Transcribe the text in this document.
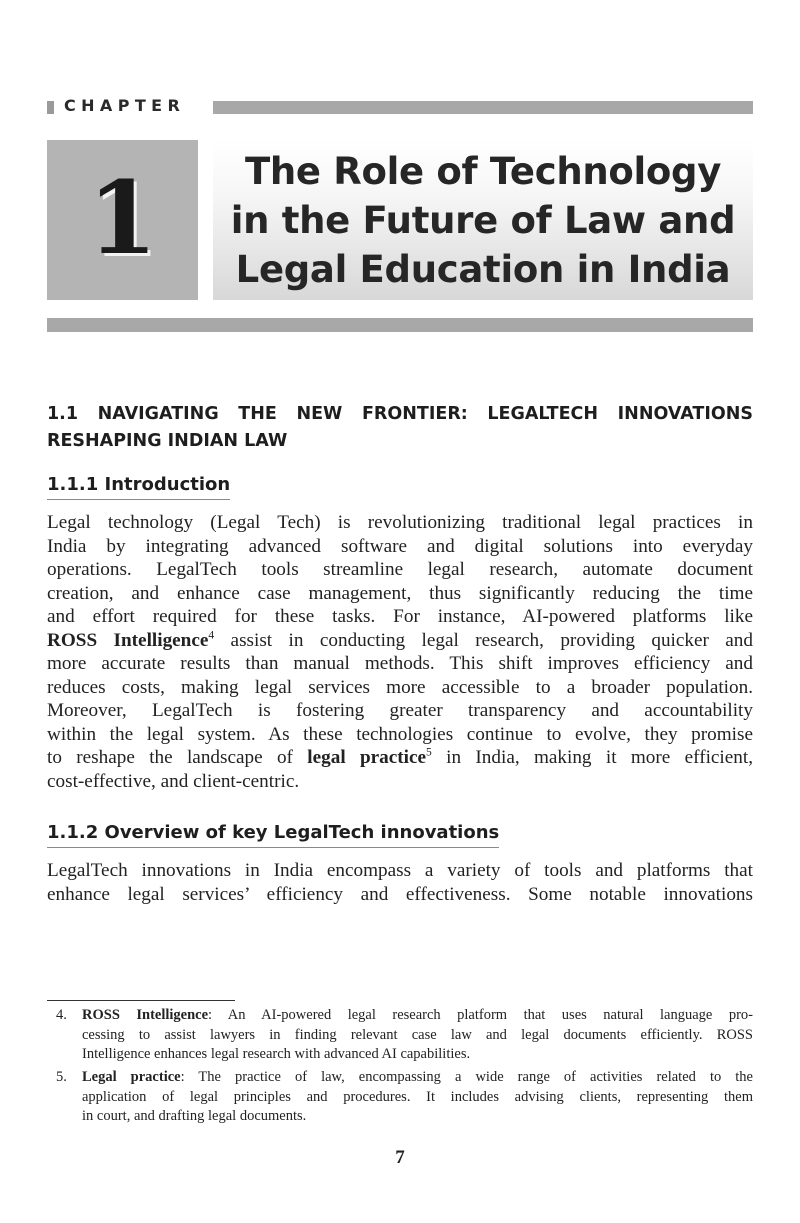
CHAPTER
1	The Role of Technology
in the Future of Law and
Legal Education in India
1.1 NAVIGATING THE NEW FRONTIER: LEGALTECH INNOVATIONS
RESHAPING INDIAN LAW
1.1.1 Introduction
Legal technology (Legal Tech) is revolutionizing traditional legal practices in
India by integrating advanced software and digital solutions into everyday
operations. LegalTech tools streamline legal research, automate document
creation, and enhance case management, thus significantly reducing the time
and effort required for these tasks. For instance, AI-powered platforms like
ROSS Intelligence$^4$ assist in conducting legal research, providing quicker and
more accurate results than manual methods. This shift improves efficiency and
reduces costs, making legal services more accessible to a broader population.
Moreover, LegalTech is fostering greater transparency and accountability
within the legal system. As these technologies continue to evolve, they promise
to reshape the landscape of legal practice$^5$ in India, making it more efficient,
cost-effective, and client-centric.
1.1.2 Overview of key LegalTech innovations
LegalTech innovations in India encompass a variety of tools and platforms that
enhance legal services’ efficiency and effectiveness. Some notable innovations
4.	ROSS Intelligence: An AI-powered legal research platform that uses natural language pro-
cessing to assist lawyers in finding relevant case law and legal documents efficiently. ROSS
Intelligence enhances legal research with advanced AI capabilities.
5.	Legal practice: The practice of law, encompassing a wide range of activities related to the
application of legal principles and procedures. It includes advising clients, representing them
in court, and drafting legal documents.
7
